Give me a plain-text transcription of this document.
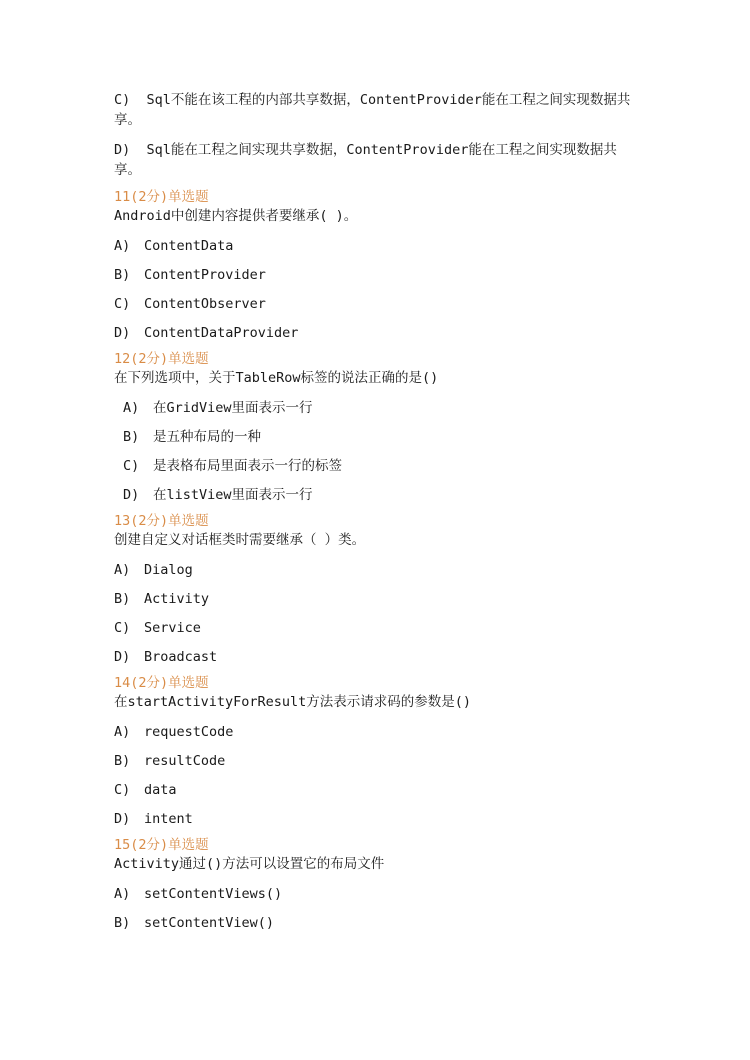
C) Sql不能在该工程的内部共享数据，ContentProvider能在工程之间实现数据共享。
D) Sql能在工程之间实现共享数据，ContentProvider能在工程之间实现数据共享。
11(2分)单选题
Android中创建内容提供者要继承( )。
A)	ContentData
B)	ContentProvider
C)	ContentObserver
D)	ContentDataProvider
12(2分)单选题
在下列选项中，关于TableRow标签的说法正确的是()
A)	在GridView里面表示一行
B)	是五种布局的一种
C)	是表格布局里面表示一行的标签
D)	在listView里面表示一行
13(2分)单选题
创建自定义对话框类时需要继承（ ）类。
A)	Dialog
B)	Activity
C)	Service
D)	Broadcast
14(2分)单选题
在startActivityForResult方法表示请求码的参数是()
A)	requestCode
B)	resultCode
C)	data
D)	intent
15(2分)单选题
Activity通过()方法可以设置它的布局文件
A)	setContentViews()
B)	setContentView()
